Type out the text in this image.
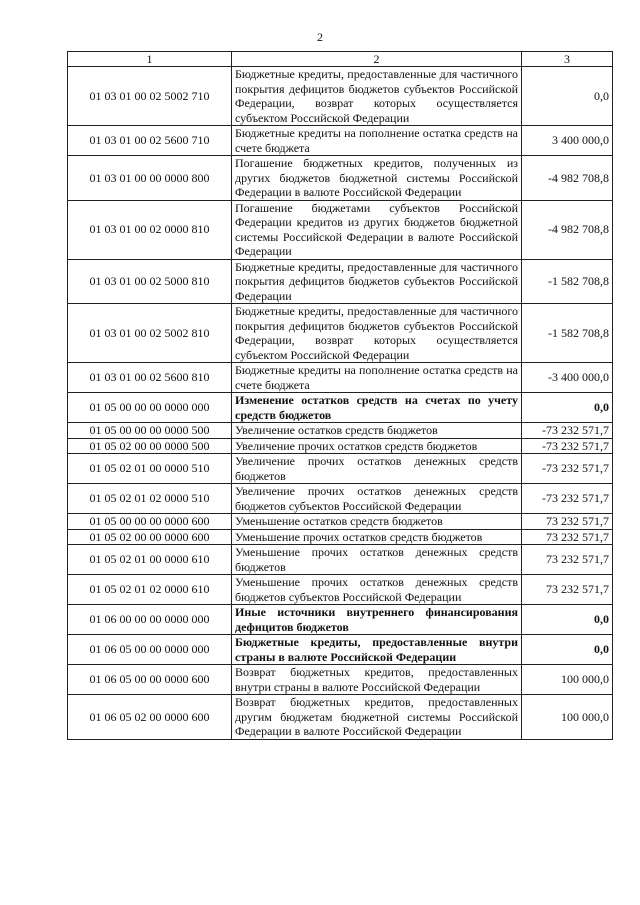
2
1	2	3
01 03 01 00 02 5002 710	Бюджетные кредиты, предоставленные для частичного покрытия дефицитов бюджетов субъектов Российской Федерации, возврат которых осуществляется субъектом Российской Федерации	0,0
01 03 01 00 02 5600 710	Бюджетные кредиты на пополнение остатка средств на счете бюджета	3 400 000,0
01 03 01 00 00 0000 800	Погашение бюджетных кредитов, полученных из других бюджетов бюджетной системы Российской Федерации в валюте Российской Федерации	-4 982 708,8
01 03 01 00 02 0000 810	Погашение бюджетами субъектов Российской Федерации кредитов из других бюджетов бюджетной системы Российской Федерации в валюте Российской Федерации	-4 982 708,8
01 03 01 00 02 5000 810	Бюджетные кредиты, предоставленные для частичного покрытия дефицитов бюджетов субъектов Российской Федерации	-1 582 708,8
01 03 01 00 02 5002 810	Бюджетные кредиты, предоставленные для частичного покрытия дефицитов бюджетов субъектов Российской Федерации, возврат которых осуществляется субъектом Российской Федерации	-1 582 708,8
01 03 01 00 02 5600 810	Бюджетные кредиты на пополнение остатка средств на счете бюджета	-3 400 000,0
01 05 00 00 00 0000 000	Изменение остатков средств на счетах по учету средств бюджетов	0,0
01 05 00 00 00 0000 500	Увеличение остатков средств бюджетов	-73 232 571,7
01 05 02 00 00 0000 500	Увеличение прочих остатков средств бюджетов	-73 232 571,7
01 05 02 01 00 0000 510	Увеличение прочих остатков денежных средств бюджетов	-73 232 571,7
01 05 02 01 02 0000 510	Увеличение прочих остатков денежных средств бюджетов субъектов Российской Федерации	-73 232 571,7
01 05 00 00 00 0000 600	Уменьшение остатков средств бюджетов	73 232 571,7
01 05 02 00 00 0000 600	Уменьшение прочих остатков средств бюджетов	73 232 571,7
01 05 02 01 00 0000 610	Уменьшение прочих остатков денежных средств бюджетов	73 232 571,7
01 05 02 01 02 0000 610	Уменьшение прочих остатков денежных средств бюджетов субъектов Российской Федерации	73 232 571,7
01 06 00 00 00 0000 000	Иные источники внутреннего финансирования дефицитов бюджетов	0,0
01 06 05 00 00 0000 000	Бюджетные кредиты, предоставленные внутри страны в валюте Российской Федерации	0,0
01 06 05 00 00 0000 600	Возврат бюджетных кредитов, предоставленных внутри страны в валюте Российской Федерации	100 000,0
01 06 05 02 00 0000 600	Возврат бюджетных кредитов, предоставленных другим бюджетам бюджетной системы Российской Федерации в валюте Российской Федерации	100 000,0
